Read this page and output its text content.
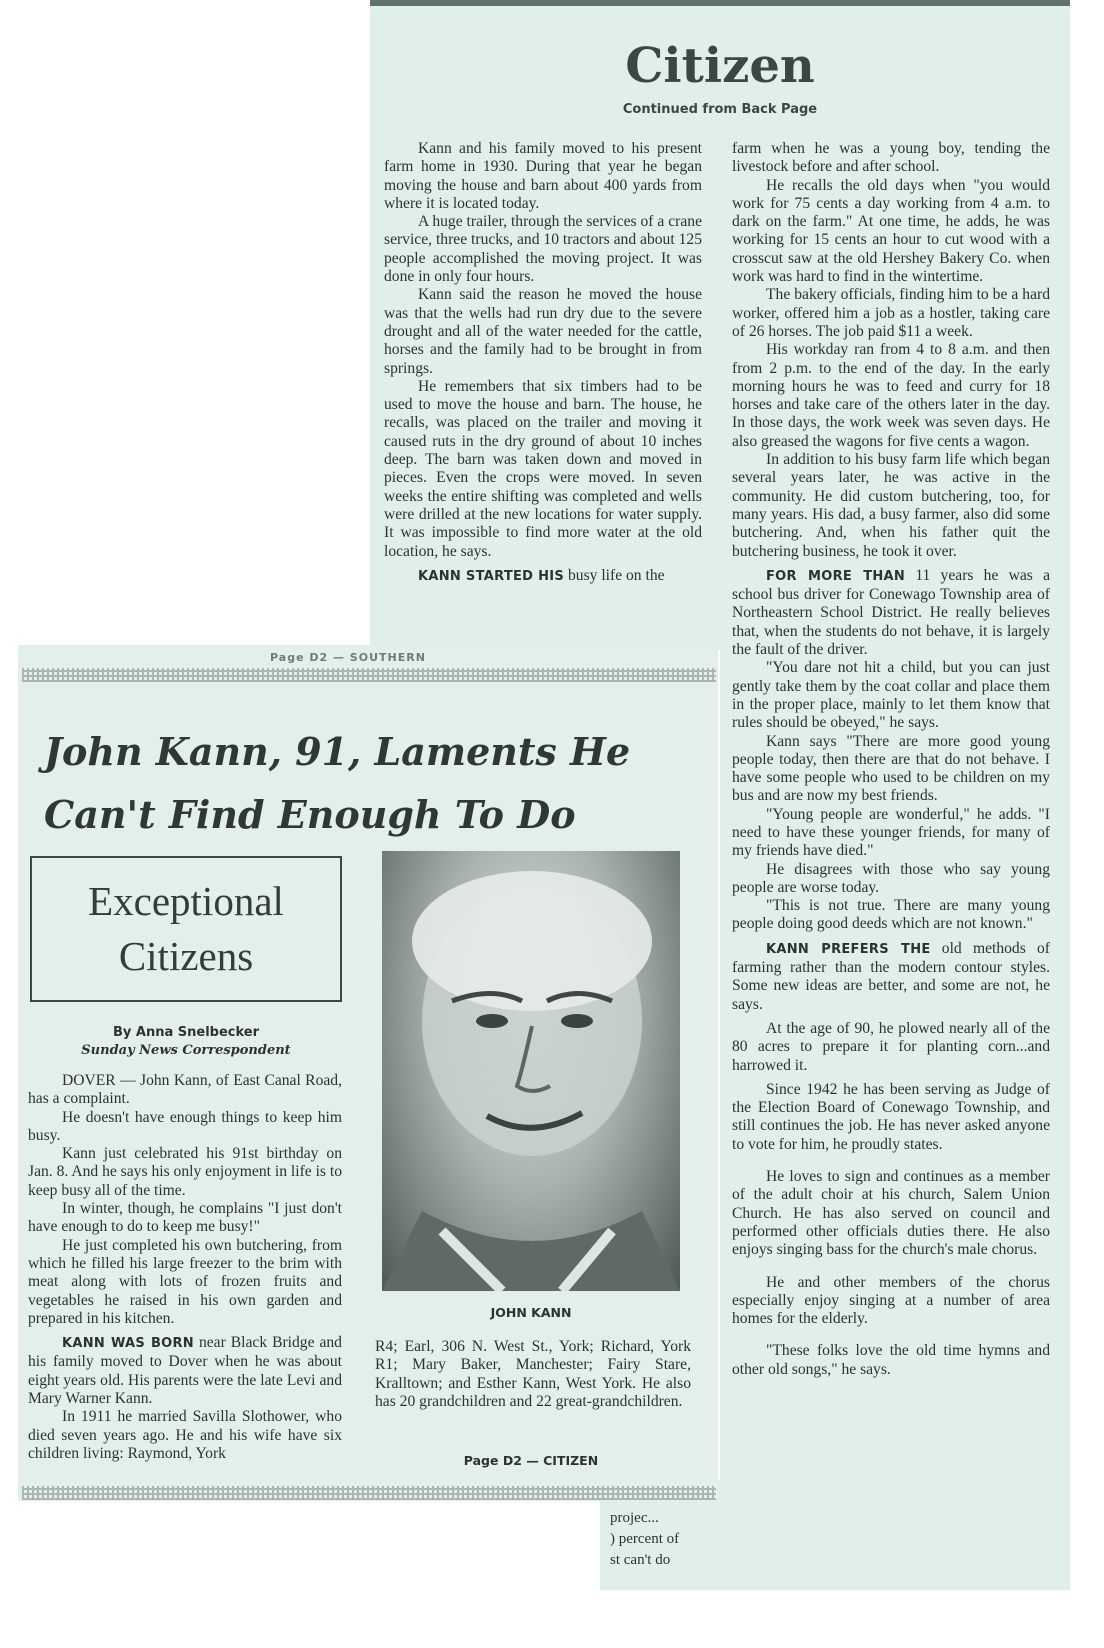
Citizen
Continued from Back Page

Kann and his family moved to his present farm home in 1930. During that year he began moving the house and barn about 400 yards from where it is located today.

A huge trailer, through the services of a crane service, three trucks, and 10 tractors and about 125 people accomplished the moving project. It was done in only four hours.

Kann said the reason he moved the house was that the wells had run dry due to the severe drought and all of the water needed for the cattle, horses and the family had to be brought in from springs.

He remembers that six timbers had to be used to move the house and barn. The house, he recalls, was placed on the trailer and moving it caused ruts in the dry ground of about 10 inches deep. The barn was taken down and moved in pieces. Even the crops were moved. In seven weeks the entire shifting was completed and wells were drilled at the new locations for water supply. It was impossible to find more water at the old location, he says.

KANN STARTED HIS busy life on the

farm when he was a young boy, tending the livestock before and after school.

He recalls the old days when "you would work for 75 cents a day working from 4 a.m. to dark on the farm." At one time, he adds, he was working for 15 cents an hour to cut wood with a crosscut saw at the old Hershey Bakery Co. when work was hard to find in the wintertime.

The bakery officials, finding him to be a hard worker, offered him a job as a hostler, taking care of 26 horses. The job paid $11 a week.

His workday ran from 4 to 8 a.m. and then from 2 p.m. to the end of the day. In the early morning hours he was to feed and curry for 18 horses and take care of the others later in the day. In those days, the work week was seven days. He also greased the wagons for five cents a wagon.

In addition to his busy farm life which began several years later, he was active in the community. He did custom butchering, too, for many years. His dad, a busy farmer, also did some butchering. And, when his father quit the butchering business, he took it over.

FOR MORE THAN 11 years he was a school bus driver for Conewago Township area of Northeastern School District. He really believes that, when the students do not behave, it is largely the fault of the driver.

"You dare not hit a child, but you can just gently take them by the coat collar and place them in the proper place, mainly to let them know that rules should be obeyed," he says.

Kann says "There are more good young people today, then there are that do not behave. I have some people who used to be children on my bus and are now my best friends.

"Young people are wonderful," he adds. "I need to have these younger friends, for many of my friends have died."

He disagrees with those who say young people are worse today.

"This is not true. There are many young people doing good deeds which are not known."

KANN PREFERS THE old methods of farming rather than the modern contour styles. Some new ideas are better, and some are not, he says.

At the age of 90, he plowed nearly all of the 80 acres to prepare it for planting corn...and harrowed it.

Since 1942 he has been serving as Judge of the Election Board of Conewago Township, and still continues the job. He has never asked anyone to vote for him, he proudly states.

He loves to sign and continues as a member of the adult choir at his church, Salem Union Church. He has also served on council and performed other officials duties there. He also enjoys singing bass for the church's male chorus.

He and other members of the chorus especially enjoy singing at a number of area homes for the elderly.

"These folks love the old time hymns and other old songs," he says.

Page D2 — SOUTHERN
John Kann, 91, Laments He
Can't Find Enough To Do
Exceptional
Citizens
By Anna Snelbecker
Sunday News Correspondent

DOVER — John Kann, of East Canal Road, has a complaint.

He doesn't have enough things to keep him busy.

Kann just celebrated his 91st birthday on Jan. 8. And he says his only enjoyment in life is to keep busy all of the time.

In winter, though, he complains "I just don't have enough to do to keep me busy!"

He just completed his own butchering, from which he filled his large freezer to the brim with meat along with lots of frozen fruits and vegetables he raised in his own garden and prepared in his kitchen.

KANN WAS BORN near Black Bridge and his family moved to Dover when he was about eight years old. His parents were the late Levi and Mary Warner Kann.

In 1911 he married Savilla Slothower, who died seven years ago. He and his wife have six children living: Raymond, York

JOHN KANN

R4; Earl, 306 N. West St., York; Richard, York R1; Mary Baker, Manchester; Fairy Stare, Kralltown; and Esther Kann, West York. He also has 20 grandchildren and 22 great-grandchildren.

Page D2 — CITIZEN
projec...
) percent of
st can't do
